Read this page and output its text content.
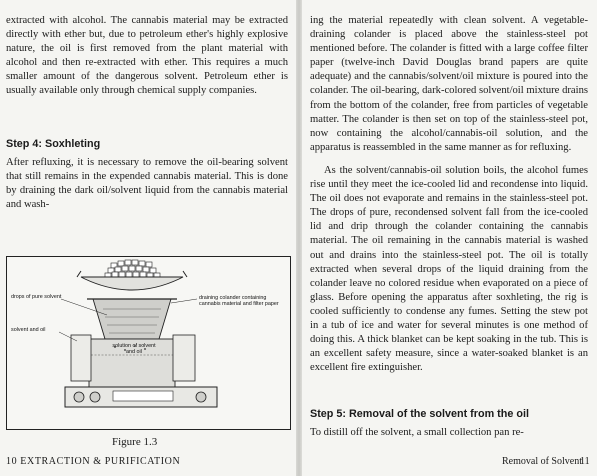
extracted with alcohol. The cannabis material may be extracted directly with ether but, due to petroleum ether's highly explosive nature, the oil is first removed from the plant material with alcohol and then re-extracted with ether. This requires a much smaller amount of the dangerous solvent. Petroleum ether is usually available only through chemical supply companies.

Step 4: Soxhleting

After refluxing, it is necessary to remove the oil-bearing solvent that still remains in the expended cannabis material. This is done by draining the dark oil/solvent liquid from the cannabis material and wash-

drops of pure solvent

solvent and oil

draining colander containing cannabis material and filter paper

solution of solvent and oil

Figure 1.3
10 EXTRACTION & PURIFICATION

ing the material repeatedly with clean solvent. A vegetable-draining colander is placed above the stainless-steel pot mentioned before. The colander is fitted with a large coffee filter paper (twelve-inch David Douglas brand papers are quite adequate) and the cannabis/solvent/oil mixture is poured into the colander. The oil-bearing, dark-colored solvent/oil mixture drains from the bottom of the colander, free from particles of vegetable matter. The colander is then set on top of the stainless-steel pot, now containing the alcohol/cannabis-oil solution, and the apparatus is reassembled in the same manner as for refluxing.

As the solvent/cannabis-oil solution boils, the alcohol fumes rise until they meet the ice-cooled lid and recondense into liquid. The oil does not evaporate and remains in the stainless-steel pot. The drops of pure, recondensed solvent fall from the ice-cooled lid and drip through the colander containing the cannabis material. The oil remaining in the cannabis material is washed out and drains into the stainless-steel pot. The oil is totally extracted when several drops of the liquid draining from the colander leave no colored residue when evaporated on a piece of glass. Before opening the apparatus after soxhleting, the rig is cooled sufficiently to condense any fumes. Setting the stew pot in a tub of ice and water for several minutes is one method of doing this. A thick blanket can be kept soaking in the tub. This is an excellent safety measure, since a water-soaked blanket is an excellent fire extinguisher.

Step 5: Removal of the solvent from the oil

To distill off the solvent, a small collection pan re-

Removal of Solvent
11
